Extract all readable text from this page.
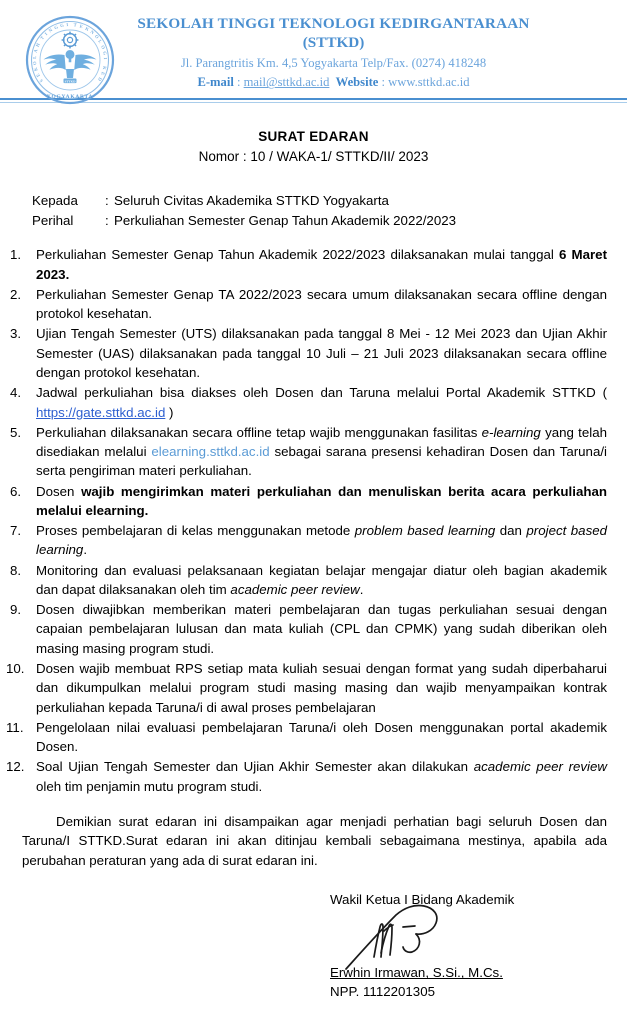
S
E
K
O
L
A
H
T
I
N G G I T E K
N
O
L
O
G
I
K
E
D
YOGYAKARTA
STTKD
SEKOLAH TINGGI TEKNOLOGI KEDIRGANTARAAN
(STTKD)
Jl. Parangtritis Km. 4,5 Yogyakarta Telp/Fax. (0274) 418248
E-mail : mail@sttkd.ac.id Website : www.sttkd.ac.id
SURAT EDARAN
Nomor : 10 / WAKA-1/ STTKD/II/ 2023
Kepada	: Seluruh Civitas Akademika STTKD Yogyakarta
Perihal	: Perkuliahan Semester Genap Tahun Akademik 2022/2023
Perkuliahan Semester Genap Tahun Akademik 2022/2023 dilaksanakan mulai tanggal 6 Maret 2023.
Perkuliahan Semester Genap TA 2022/2023 secara umum dilaksanakan secara offline dengan protokol kesehatan.
Ujian Tengah Semester (UTS) dilaksanakan pada tanggal 8 Mei - 12 Mei 2023 dan Ujian Akhir Semester (UAS) dilaksanakan pada tanggal 10 Juli – 21 Juli 2023 dilaksanakan secara offline dengan protokol kesehatan.
Jadwal perkuliahan bisa diakses oleh Dosen dan Taruna melalui Portal Akademik STTKD ( https://gate.sttkd.ac.id )
Perkuliahan dilaksanakan secara offline tetap wajib menggunakan fasilitas e-learning yang telah disediakan melalui elearning.sttkd.ac.id sebagai sarana presensi kehadiran Dosen dan Taruna/i serta pengiriman materi perkuliahan.
Dosen wajib mengirimkan materi perkuliahan dan menuliskan berita acara perkuliahan melalui elearning.
Proses pembelajaran di kelas menggunakan metode problem based learning dan project based learning.
Monitoring dan evaluasi pelaksanaan kegiatan belajar mengajar diatur oleh bagian akademik dan dapat dilaksanakan oleh tim academic peer review.
Dosen diwajibkan memberikan materi pembelajaran dan tugas perkuliahan sesuai dengan capaian pembelajaran lulusan dan mata kuliah (CPL dan CPMK) yang sudah diberikan oleh masing masing program studi.
Dosen wajib membuat RPS setiap mata kuliah sesuai dengan format yang sudah diperbaharui dan dikumpulkan melalui program studi masing masing dan wajib menyampaikan kontrak perkuliahan kepada Taruna/i di awal proses pembelajaran
Pengelolaan nilai evaluasi pembelajaran Taruna/i oleh Dosen menggunakan portal akademik Dosen.
Soal Ujian Tengah Semester dan Ujian Akhir Semester akan dilakukan academic peer review oleh tim penjamin mutu program studi.
Demikian surat edaran ini disampaikan agar menjadi perhatian bagi seluruh Dosen dan Taruna/I STTKD.Surat edaran ini akan ditinjau kembali sebagaimana mestinya, apabila ada perubahan peraturan yang ada di surat edaran ini.
Wakil Ketua I Bidang Akademik
Erwhin Irmawan, S.Si., M.Cs.
NPP. 1112201305
